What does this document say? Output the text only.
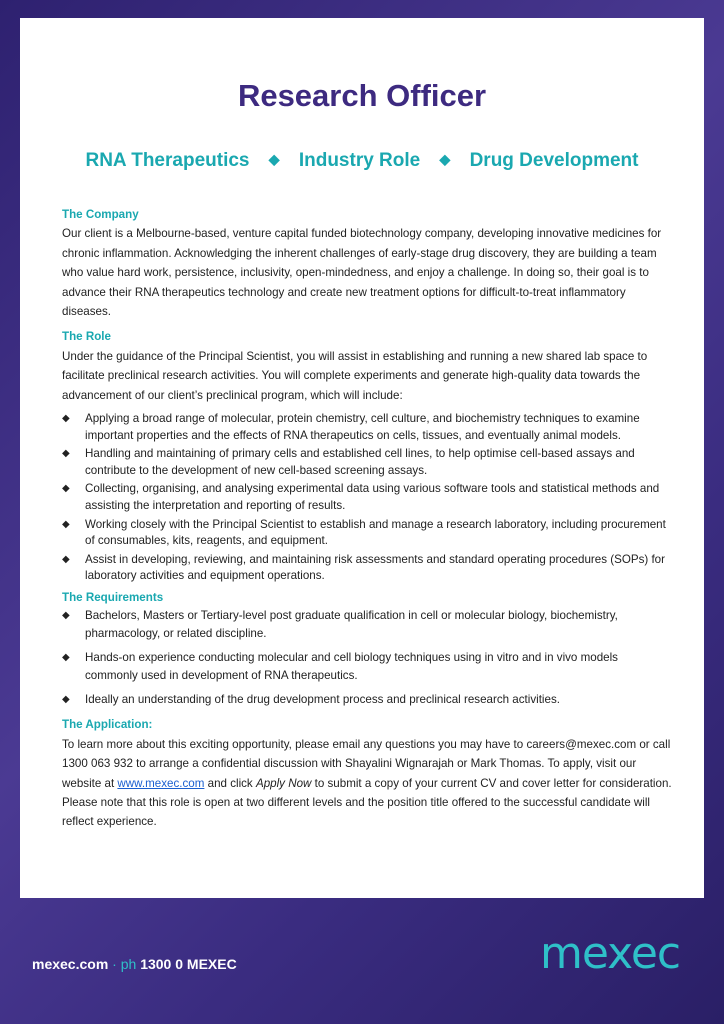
Research Officer
RNA Therapeutics ◆ Industry Role ◆ Drug Development
The Company

Our client is a Melbourne-based, venture capital funded biotechnology company, developing innovative medicines for chronic inflammation. Acknowledging the inherent challenges of early-stage drug discovery, they are building a team who value hard work, persistence, inclusivity, open-mindedness, and enjoy a challenge. In doing so, their goal is to advance their RNA therapeutics technology and create new treatment options for difficult-to-treat inflammatory diseases.

The Role

Under the guidance of the Principal Scientist, you will assist in establishing and running a new shared lab space to facilitate preclinical research activities. You will complete experiments and generate high-quality data towards the advancement of our client’s preclinical program, which will include:

◆ Applying a broad range of molecular, protein chemistry, cell culture, and biochemistry techniques to examine important properties and the effects of RNA therapeutics on cells, tissues, and eventually animal models.
◆ Handling and maintaining of primary cells and established cell lines, to help optimise cell-based assays and contribute to the development of new cell-based screening assays.
◆ Collecting, organising, and analysing experimental data using various software tools and statistical methods and assisting the interpretation and reporting of results.
◆ Working closely with the Principal Scientist to establish and manage a research laboratory, including procurement of consumables, kits, reagents, and equipment.
◆ Assist in developing, reviewing, and maintaining risk assessments and standard operating procedures (SOPs) for laboratory activities and equipment operations.
The Requirements
◆ Bachelors, Masters or Tertiary-level post graduate qualification in cell or molecular biology, biochemistry, pharmacology, or related discipline.
◆ Hands-on experience conducting molecular and cell biology techniques using in vitro and in vivo models commonly used in development of RNA therapeutics.
◆ Ideally an understanding of the drug development process and preclinical research activities.
The Application:

To learn more about this exciting opportunity, please email any questions you may have to careers@mexec.com or call 1300 063 932 to arrange a confidential discussion with Shayalini Wignarajah or Mark Thomas. To apply, visit our website at www.mexec.com and click Apply Now to submit a copy of your current CV and cover letter for consideration. Please note that this role is open at two different levels and the position title offered to the successful candidate will reflect experience.

mexec.com · ph 1300 0 MEXEC	mexec
